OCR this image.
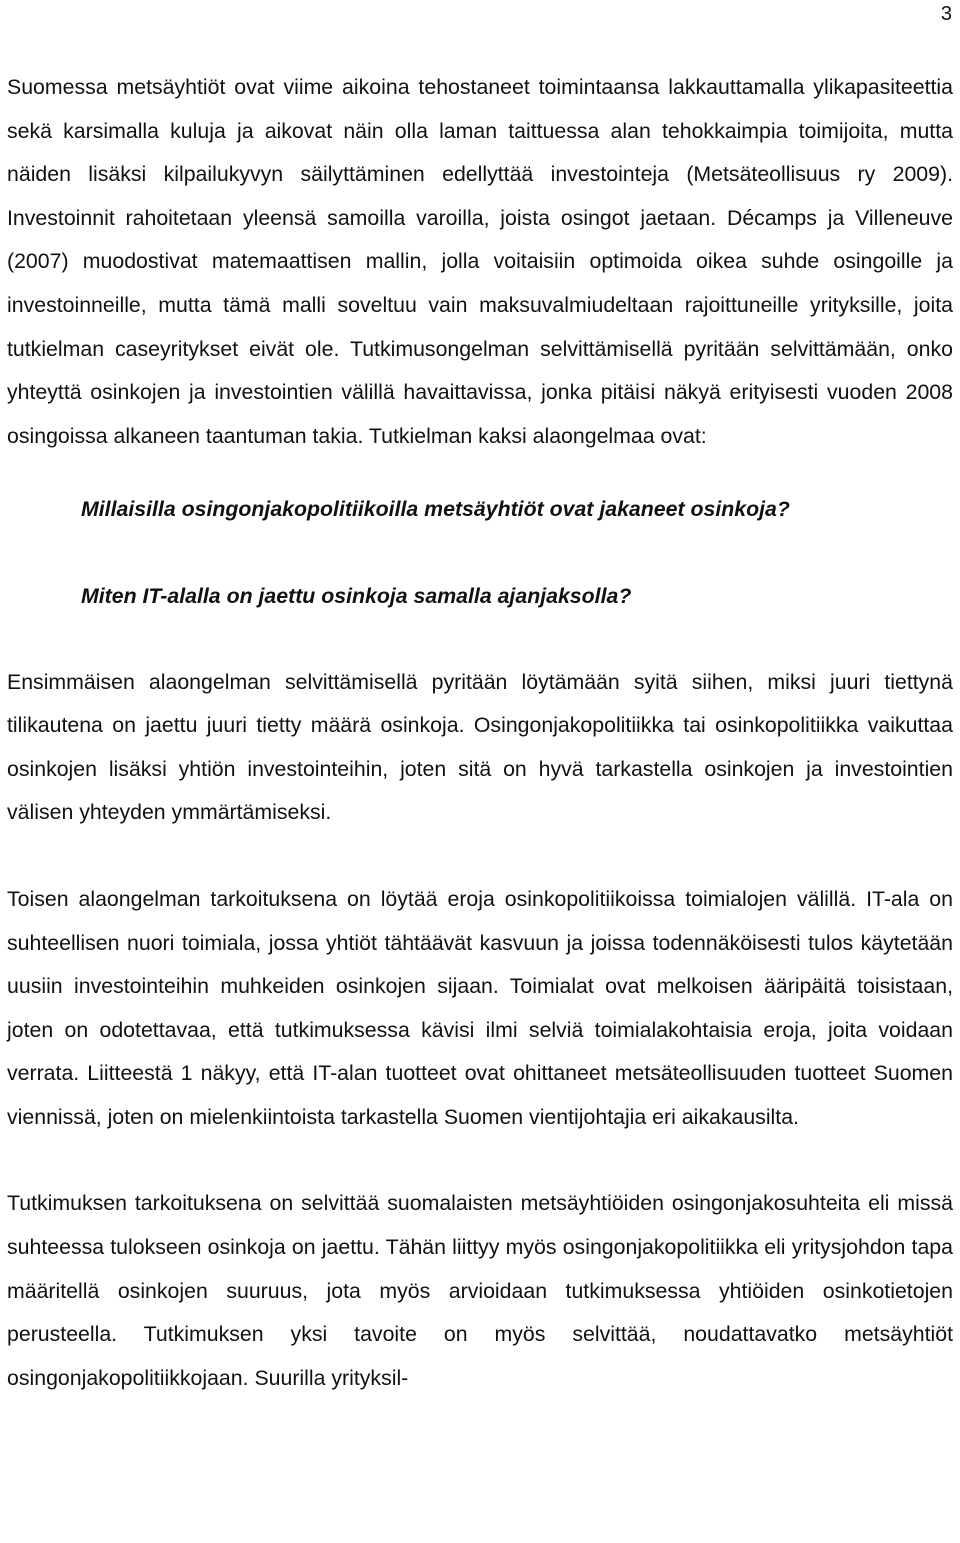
3

Suomessa metsäyhtiöt ovat viime aikoina tehostaneet toimintaansa lakkauttamalla ylikapasiteettia sekä karsimalla kuluja ja aikovat näin olla laman taittuessa alan tehokkaimpia toimijoita, mutta näiden lisäksi kilpailukyvyn säilyttäminen edellyttää investointeja (Metsäteollisuus ry 2009). Investoinnit rahoitetaan yleensä samoilla varoilla, joista osingot jaetaan. Décamps ja Villeneuve (2007) muodostivat matemaattisen mallin, jolla voitaisiin optimoida oikea suhde osingoille ja investoinneille, mutta tämä malli soveltuu vain maksuvalmiudeltaan rajoittuneille yrityksille, joita tutkielman caseyritykset eivät ole. Tutkimusongelman selvittämisellä pyritään selvittämään, onko yhteyttä osinkojen ja investointien välillä havaittavissa, jonka pitäisi näkyä erityisesti vuoden 2008 osingoissa alkaneen taantuman takia. Tutkielman kaksi alaongelmaa ovat:

Millaisilla osingonjakopolitiikoilla metsäyhtiöt ovat jakaneet osinkoja?

Miten IT-alalla on jaettu osinkoja samalla ajanjaksolla?

Ensimmäisen alaongelman selvittämisellä pyritään löytämään syitä siihen, miksi juuri tiettynä tilikautena on jaettu juuri tietty määrä osinkoja. Osingonjakopolitiikka tai osinkopolitiikka vaikuttaa osinkojen lisäksi yhtiön investointeihin, joten sitä on hyvä tarkastella osinkojen ja investointien välisen yhteyden ymmärtämiseksi.

Toisen alaongelman tarkoituksena on löytää eroja osinkopolitiikoissa toimialojen välillä. IT-ala on suhteellisen nuori toimiala, jossa yhtiöt tähtäävät kasvuun ja joissa todennäköisesti tulos käytetään uusiin investointeihin muhkeiden osinkojen sijaan. Toimialat ovat melkoisen ääripäitä toisistaan, joten on odotettavaa, että tutkimuksessa kävisi ilmi selviä toimialakohtaisia eroja, joita voidaan verrata. Liitteestä 1 näkyy, että IT-alan tuotteet ovat ohittaneet metsäteollisuuden tuotteet Suomen viennissä, joten on mielenkiintoista tarkastella Suomen vientijohtajia eri aikakausilta.

Tutkimuksen tarkoituksena on selvittää suomalaisten metsäyhtiöiden osingonjakosuhteita eli missä suhteessa tulokseen osinkoja on jaettu. Tähän liittyy myös osingonjakopolitiikka eli yritysjohdon tapa määritellä osinkojen suuruus, jota myös arvioidaan tutkimuksessa yhtiöiden osinkotietojen perusteella. Tutkimuksen yksi tavoite on myös selvittää, noudattavatko metsäyhtiöt osingonjakopolitiikkojaan. Suurilla yrityksil-
